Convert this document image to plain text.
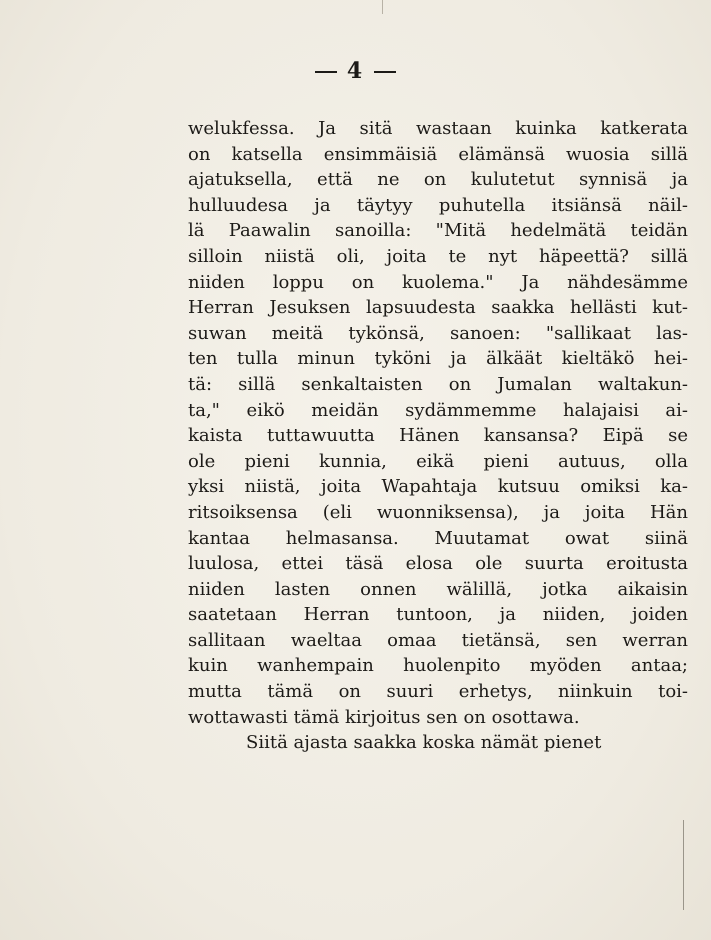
4
welukfessa. Ja sitä wastaan kuinka katkerata
on katsella ensimmäisiä elämänsä wuosia sillä
ajatuksella, että ne on kulutetut synnisä ja
hulluudesa ja täytyy puhutella itsiänsä näil-
lä Paawalin sanoilla: "Mitä hedelmätä teidän
silloin niistä oli, joita te nyt häpeettä? sillä
niiden loppu on kuolema." Ja nähdesämme
Herran Jesuksen lapsuudesta saakka hellästi kut-
suwan meitä tykönsä, sanoen: "sallikaat las-
ten tulla minun tyköni ja älkäät kieltäkö hei-
tä: sillä senkaltaisten on Jumalan waltakun-
ta," eikö meidän sydämmemme halajaisi ai-
kaista tuttawuutta Hänen kansansa? Eipä se
ole pieni kunnia, eikä pieni autuus, olla
yksi niistä, joita Wapahtaja kutsuu omiksi ka-
ritsoiksensa (eli wuonniksensa), ja joita Hän
kantaa helmasansa. Muutamat owat siinä
luulosa, ettei täsä elosa ole suurta eroitusta
niiden lasten onnen wälillä, jotka aikaisin
saatetaan Herran tuntoon, ja niiden, joiden
sallitaan waeltaa omaa tietänsä, sen werran
kuin wanhempain huolenpito myöden antaa;
mutta tämä on suuri erhetys, niinkuin toi-
wottawasti tämä kirjoitus sen on osottawa.
Siitä ajasta saakka koska nämät pienet
